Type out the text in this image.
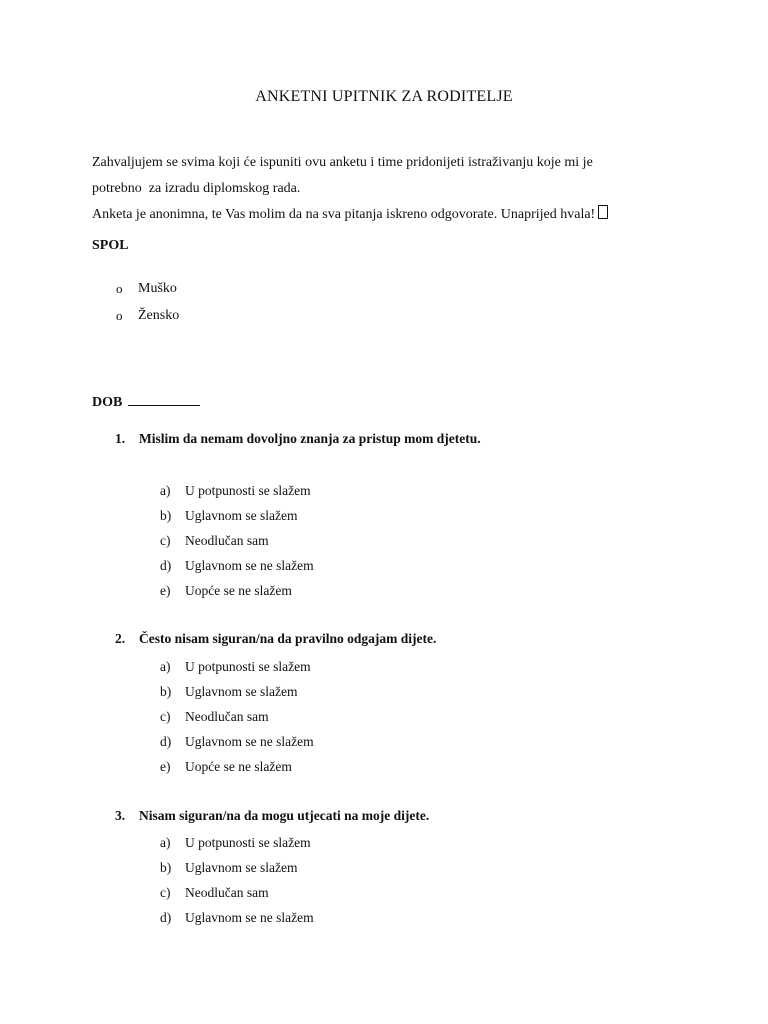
ANKETNI UPITNIK ZA RODITELJE
Zahvaljujem se svima koji će ispuniti ovu anketu i time pridonijeti istraživanju koje mi je
potrebno  za izradu diplomskog rada.
Anketa je anonimna, te Vas molim da na sva pitanja iskreno odgovorate. Unaprijed hvala!
SPOL
o	Muško
o	Žensko
DOB
1. Mislim da nemam dovoljno znanja za pristup mom djetetu.
a)	U potpunosti se slažem
b)	Uglavnom se slažem
c)	Neodlučan sam
d)	Uglavnom se ne slažem
e)	Uopće se ne slažem
2. Često nisam siguran/na da pravilno odgajam dijete.
a)	U potpunosti se slažem
b)	Uglavnom se slažem
c)	Neodlučan sam
d)	Uglavnom se ne slažem
e)	Uopće se ne slažem
3. Nisam siguran/na da mogu utjecati na moje dijete.
a)	U potpunosti se slažem
b)	Uglavnom se slažem
c)	Neodlučan sam
d)	Uglavnom se ne slažem
